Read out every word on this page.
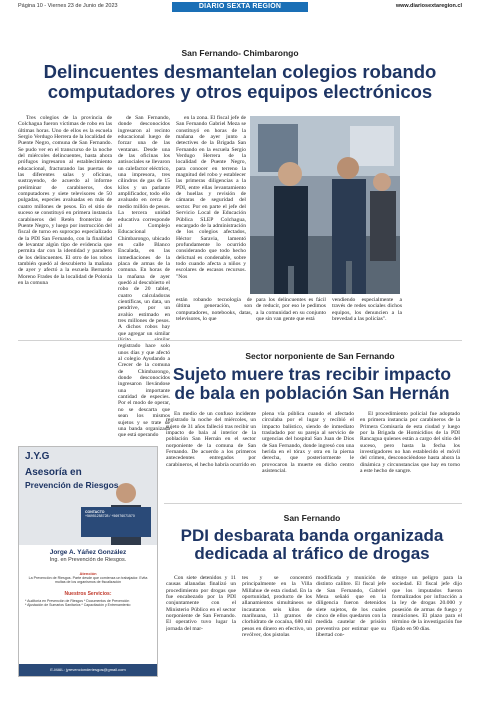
Página 10 - Viernes 23 de Junio de 2023	DIARIO SEXTA REGIÓN	www.diariosextaregion.cl
San Fernando- Chimbarongo
Delincuentes desmantelan colegios robando computadores y otros equipos electrónicos

Tres colegios de la provincia de Colchagua fueron víctimas de robo en las últimas horas. Uno de ellos es la escuela Sergio Verdugo Herrera de la localidad de Puente Negro, comuna de San Fernando. Se pudo ver en el transcurso de la noche del miércoles delincuentes, hasta ahora prófugos ingresaron al establecimiento educacional, fracturando las puertas de las diferentes salas y oficinas, sustrayendo, de acuerdo al informe preliminar de carabineros, dos computadores y siete televisores de 50 pulgadas, especies avaluadas en más de cuatro millones de pesos. En el sitio de suceso se constituyó en primera instancia carabineros del Retén fronterizo de Puente Negro, y luego por instrucción del fiscal de turno en suprocpo especializado de la PDI San Fernando, con la finalidad de levantar algún tipo de evidencia que permita dar con la identidad y paradero de los delincuentes. El otro de los robos también quedó al descubierto la mañana de ayer y afectó a la escuela Bernardo Moreno Frades de la localidad de Polonia en la comuna

de San Fernando, donde desconocidos ingresaron al recinto educacional luego de forzar una de las ventanas. Desde una de las oficinas los antisociales se llevaron un calefactor eléctrico, una impresora, tres cilindros de gas de 15 kilos y un parlante amplificador, todo ello avaluado en cerca de medio millón de pesos. La tercera unidad educativa corresponde al Complejo Educacional Chimbarongo, ubicado en calle Blanco Encalada, en las inmediaciones de la placa de armas de la comuna. En horas de la mañana de ayer quedó al descubierto el robo de 20 tablet, cuatro calculadoras científicas, un data, un pendrive, por un avalúo estimado en tres millones de pesos. A dichos robos hay que agregar un similar registrado hace solo unos días y que afectó al colegio Ayudando a Crecer de la comuna de Chimbarongo, donde desconocidos ingresaron llevándose una importante cantidad de especies. Por el modo de operar, no se descarta que sean los mismos sujetos y se trate de una banda organizada que está operando

en la zona. El fiscal jefe de San Fernando Gabriel Meza se constituyó en horas de la mañana de ayer junto a detectives de la Brigada San Fernando en la escuela Sergio Verdugo Herrera de la localidad de Puente Negro, para conocer en terreno la magnitud del robo y establecer las primeras diligencias a la PDI, entre ellas levantamiento de huellas y revisión de cámaras de seguridad del sector. Por en parte el jefe del Servicio Local de Educación Pública SLEP Colchagua, encargado de la administración de los colegios afectados, Héctor Saravia, lamentó profundamente lo ocurrido considerando que todo hecho delictual es condenable, sobre todo cuando afecta a niños y escolares de escasos recursos. "Nos

están robando tecnología de última generación, son computadores, notebooks, datas, televisores, lo que

para los delincuentes es fácil de reducir, por eso le pedimos a la comunidad en su conjunto que sin van gente que está

vendiendo especialmente a través de redes sociales dichos equipos, los denuncien a la brevedad a las policías".

Sector norponiente de San Fernando
Sujeto muere tras recibir impacto de bala en población San Hernán

En medio de un confuso incidente registrado la noche del miércoles, un sujeto de 31 años falleció tras recibir un impacto de bala al interior de la población San Hernán en el sector norponiente de la comuna de San Fernando. De acuerdo a los primeros antecedentes entregados por carabineros, el hecho habría ocurrido en

plena vía pública cuando el afectado circulaba por el lugar y recibió el impacto balístico, siendo de inmediato trasladado por su pareja al servicio de urgencias del hospital San Juan de Dios de San Fernando, donde ingresó con una herida en el tórax y otra en la pierna derecha, que posteriormente le provocaron la muerte en dicho centro asistencial.

El procedimiento policial fue adoptado en primera instancia por carabineros de la Primera Comisaría de esta ciudad y luego por la Brigada de Homicidios de la PDI Rancagua quienes están a cargo del sitio del suceso, pero hasta la fecha los investigadores no han establecido el móvil del crimen, desconociéndose hasta ahora la dinámica y circunstancias que hay en torno a este hecho de sangre.

San Fernando
PDI desbarata banda organizada dedicada al tráfico de drogas

Con siete detenidos y 11 causas allanadas finalizó un procedimiento por drogas que fue encabezado por la PDI conjuntamente con el Ministerio Público en el sector norponiente de San Fernando. El operativo tuvo lugar la jornada del mar-

tes y se concentró principalmente en la Villa Millahue de esta ciudad. En la oportunidad, producto de los allanamientos simultáneos se incautaron seis kilos de marihuana, 13 gramos de clorhidrato de cocaína, 680 mil pesos en dinero en efectivo, un revólver, dos pistolas

modificada y munición de distinto calibre. El fiscal jefe de San Fernando, Gabriel Meza señaló que en la diligencia fueron detenidos siete sujetos, de los cuales cinco de ellos quedaron con la medida cautelar de prisión preventiva por estimar que su libertad con-

stituye un peligro para la sociedad. El fiscal jefe dijo que los imputados fueron formalizados por infracción a la ley de drogas 20.000 y posesión de armas de fuego y municiones. El plazo para el término de la investigación fue fijado en 90 días.

J.Y.G
Asesoría en
Prevención de Riesgos
CONTACTO
+56951258728 / +56976071570
Jorge A. Yáñez González
Ing. en Prevención de Riesgos.
Atención
La Prevención de Riesgos. Parte desde que comienza un trabajador. Evita multas de los organismos de fiscalización
Nuestros Servicios:
* Auditoría en Prevención de Riesgos * Documentos de Prevención
* Ajustación de Sumarios Sanitarios * Capacitación y Entrenamiento
E-MAIL: jyrevencionderiesgos@gmail.com
